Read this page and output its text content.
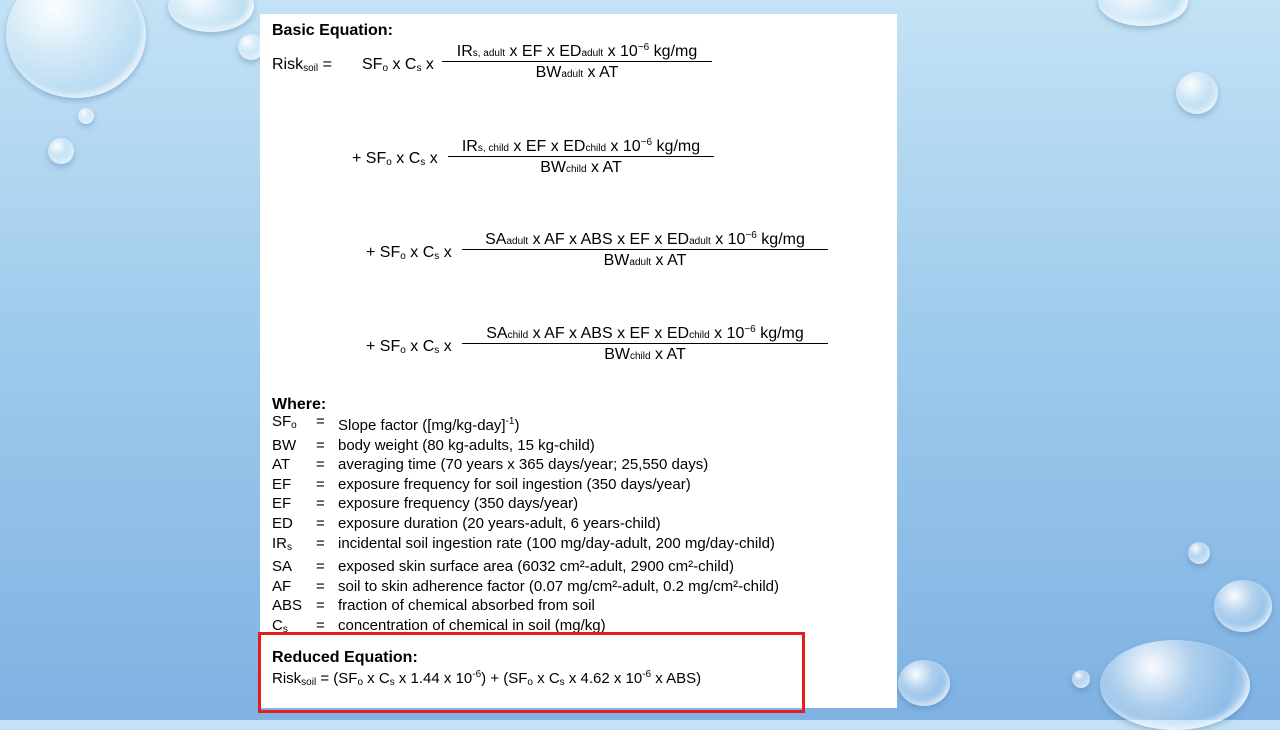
Basic Equation:
Risk$_{soil}$ = $SF_o$ x $C_s$ x
IRs, adult x EF x EDadult x $10^{-6}$ kg/mg
BWadult x AT
+ $SF_o$ x $C_s$ x
IRs, child x EF x EDchild x $10^{-6}$ kg/mg
BWchild x AT
+ $SF_o$ x $C_s$ x
SAadult x AF x ABS x EF x EDadult x $10^{-6}$ kg/mg
BWadult x AT
+ $SF_o$ x $C_s$ x
SAchild x AF x ABS x EF x EDchild x $10^{-6}$ kg/mg
BWchild x AT
Where:
$SF_o$	= Slope factor $([mg/kg-day]^{-1})$
BW	= body weight (80 kg-adults, 15 kg-child)
AT	= averaging time (70 years x 365 days/year; 25,550 days)
EF	= exposure frequency for soil ingestion (350 days/year)
EF	= exposure frequency (350 days/year)
ED	= exposure duration (20 years-adult, 6 years-child)
$IR_s$	= incidental soil ingestion rate (100 mg/day-adult, 200 mg/day-child)
SA	= exposed skin surface area (6032 cm²-adult, 2900 cm²-child)
AF	= soil to skin adherence factor (0.07 mg/cm²-adult, 0.2 mg/cm²-child)
ABS = fraction of chemical absorbed from soil
$C_s$	= concentration of chemical in soil (mg/kg)
Reduced Equation:
Risk$_{soil}$ = ($SF_o$ x $C_s$ x 1.44 x $10^{-6}) + (SF_o$ x $C_s$ x 4.62 x $10^{-6}$ x ABS)
